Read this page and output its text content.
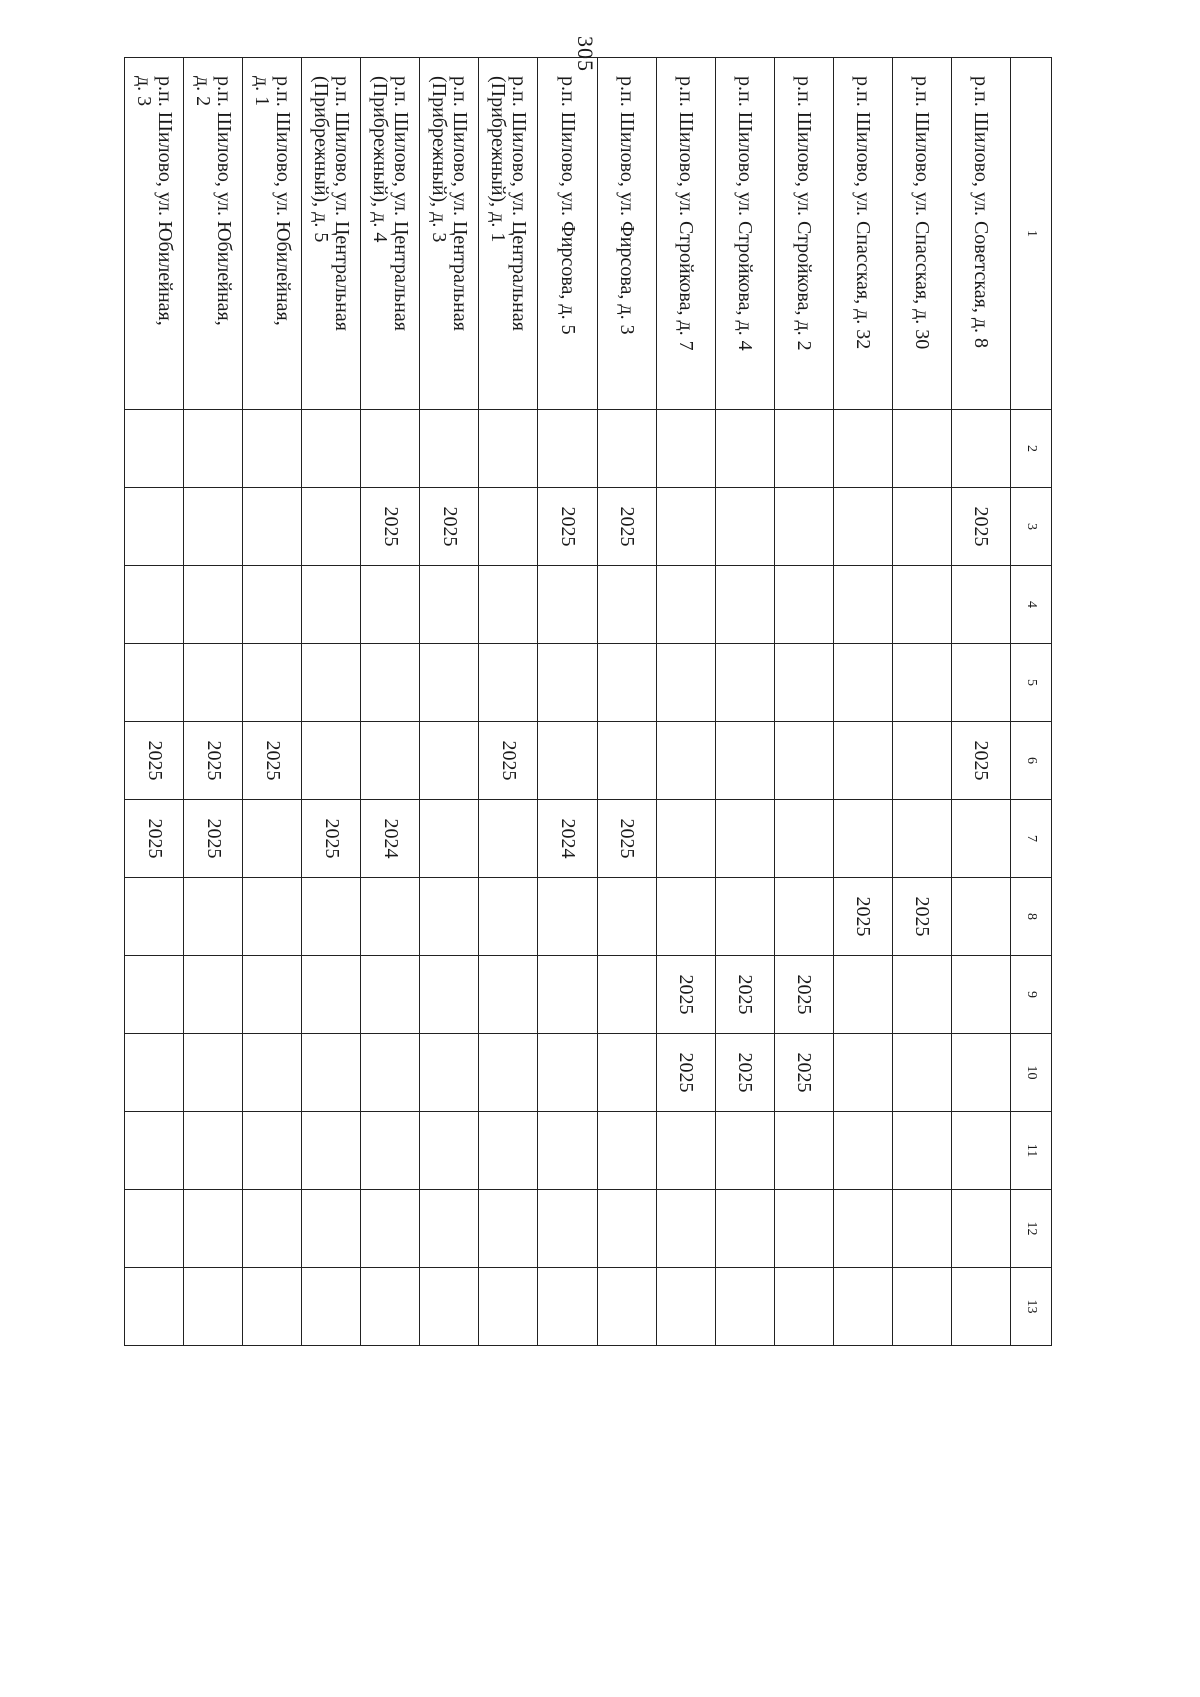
305
1	2	3	4	5	6	7	8	9	10	11	12	13
р.п. Шилово, ул. Советская, д. 8		2025			2025							
р.п. Шилово, ул. Спасская, д. 30							2025					
р.п. Шилово, ул. Спасская, д. 32							2025					
р.п. Шилово, ул. Стройкова, д. 2								2025	2025			
р.п. Шилово, ул. Стройкова, д. 4								2025	2025			
р.п. Шилово, ул. Стройкова, д. 7								2025	2025			
р.п. Шилово, ул. Фирсова, д. 3		2025				2025						
р.п. Шилово, ул. Фирсова, д. 5		2025				2024						
р.п. Шилово, ул. Центральная
(Прибрежный), д. 1					2025							
р.п. Шилово, ул. Центральная
(Прибрежный), д. 3		2025										
р.п. Шилово, ул. Центральная
(Прибрежный), д. 4		2025				2024						
р.п. Шилово, ул. Центральная
(Прибрежный), д. 5						2025						
р.п. Шилово, ул. Юбилейная,
д. 1					2025							
р.п. Шилово, ул. Юбилейная,
д. 2					2025	2025						
р.п. Шилово, ул. Юбилейная,
д. 3					2025	2025						
